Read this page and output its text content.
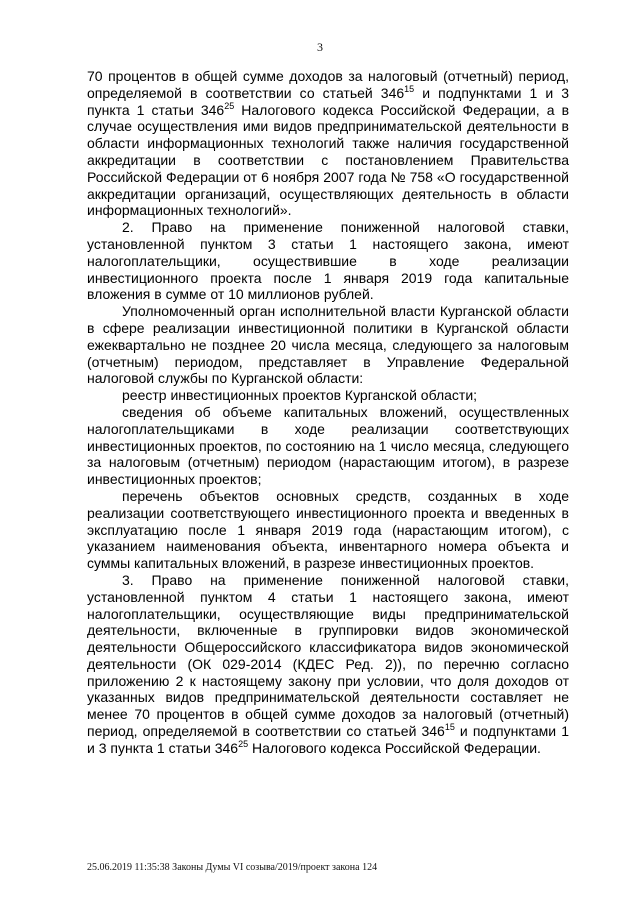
3

70 процентов в общей сумме доходов за налоговый (отчетный) период, определяемой в соответствии со статьей $346^{15}$ и подпунктами 1 и 3 пункта 1 статьи $346^{25}$ Налогового кодекса Российской Федерации, а в случае осуществления ими видов предпринимательской деятельности в области информационных технологий также наличия государственной аккредитации в соответствии с постановлением Правительства Российской Федерации от 6 ноября 2007 года № 758 «О государственной аккредитации организаций, осуществляющих деятельность в области информационных технологий».

2. Право на применение пониженной налоговой ставки, установленной пунктом 3 статьи 1 настоящего закона, имеют налогоплательщики, осуществившие в ходе реализации инвестиционного проекта после 1 января 2019 года капитальные вложения в сумме от 10 миллионов рублей.

Уполномоченный орган исполнительной власти Курганской области в сфере реализации инвестиционной политики в Курганской области ежеквартально не позднее 20 числа месяца, следующего за налоговым (отчетным) периодом, представляет в Управление Федеральной налоговой службы по Курганской области:

реестр инвестиционных проектов Курганской области;

сведения об объеме капитальных вложений, осуществленных налогоплательщиками в ходе реализации соответствующих инвестиционных проектов, по состоянию на 1 число месяца, следующего за налоговым (отчетным) периодом (нарастающим итогом), в разрезе инвестиционных проектов;

перечень объектов основных средств, созданных в ходе реализации соответствующего инвестиционного проекта и введенных в эксплуатацию после 1 января 2019 года (нарастающим итогом), с указанием наименования объекта, инвентарного номера объекта и суммы капитальных вложений, в разрезе инвестиционных проектов.

3. Право на применение пониженной налоговой ставки, установленной пунктом 4 статьи 1 настоящего закона, имеют налогоплательщики, осуществляющие виды предпринимательской деятельности, включенные в группировки видов экономической деятельности Общероссийского классификатора видов экономической деятельности (ОК 029-2014 (КДЕС Ред. 2)), по перечню согласно приложению 2 к настоящему закону при условии, что доля доходов от указанных видов предпринимательской деятельности составляет не менее 70 процентов в общей сумме доходов за налоговый (отчетный) период, определяемой в соответствии со статьей $346^{15}$ и подпунктами 1 и 3 пункта 1 статьи $346^{25}$ Налогового кодекса Российской Федерации.

25.06.2019 11:35:38 Законы Думы VI созыва/2019/проект закона 124
